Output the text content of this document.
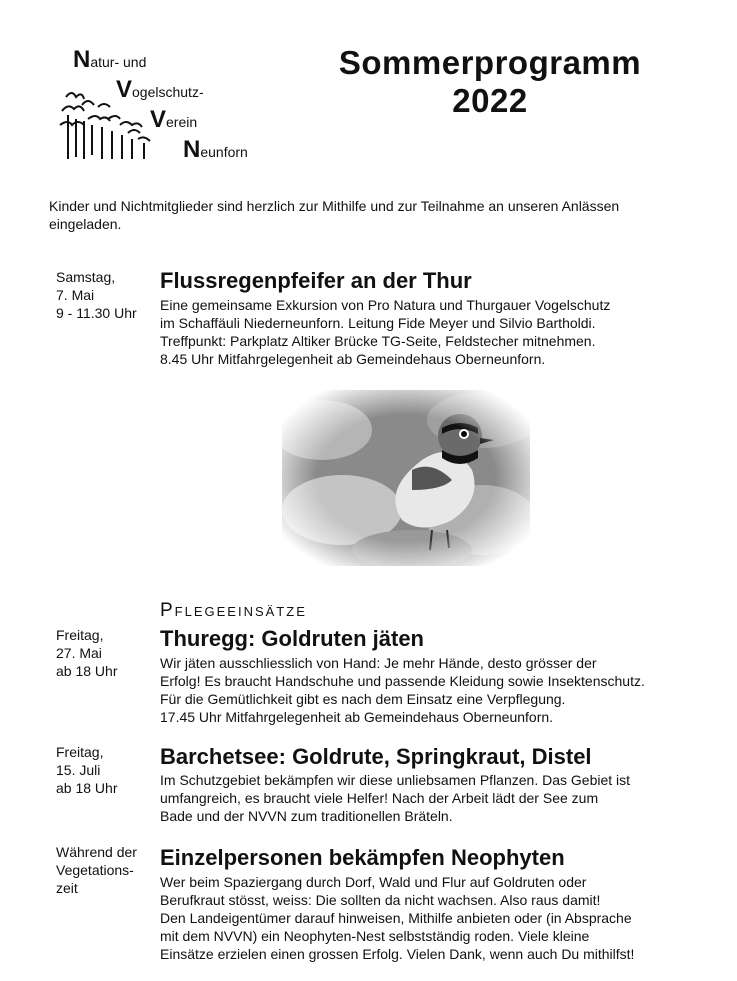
Natur- und
Vogelschutz-
Verein
Neunforn
Sommerprogramm
2022
Kinder und Nichtmitglieder sind herzlich zur Mithilfe und zur Teilnahme an unseren Anlässen
eingeladen.
Samstag,
7. Mai
9 - 11.30 Uhr
Flussregenpfeifer an der Thur
Eine gemeinsame Exkursion von Pro Natura und Thurgauer Vogelschutz
im Schaffäuli Niederneunforn. Leitung Fide Meyer und Silvio Bartholdi.
Treffpunkt: Parkplatz Altiker Brücke TG-Seite, Feldstecher mitnehmen.
8.45 Uhr Mitfahrgelegenheit ab Gemeindehaus Oberneunforn.
Pflegeeinsätze
Freitag,
27. Mai
ab 18 Uhr
Thuregg: Goldruten jäten
Wir jäten ausschliesslich von Hand: Je mehr Hände, desto grösser der
Erfolg! Es braucht Handschuhe und passende Kleidung sowie Insektenschutz.
Für die Gemütlichkeit gibt es nach dem Einsatz eine Verpflegung.
17.45 Uhr Mitfahrgelegenheit ab Gemeindehaus Oberneunforn.
Freitag,
15. Juli
ab 18 Uhr
Barchetsee: Goldrute, Springkraut, Distel
Im Schutzgebiet bekämpfen wir diese unliebsamen Pflanzen. Das Gebiet ist
umfangreich, es braucht viele Helfer! Nach der Arbeit lädt der See zum
Bade und der NVVN zum traditionellen Bräteln.
Während der
Vegetations-
zeit
Einzelpersonen bekämpfen Neophyten
Wer beim Spaziergang durch Dorf, Wald und Flur auf Goldruten oder
Berufkraut stösst, weiss: Die sollten da nicht wachsen. Also raus damit!
Den Landeigentümer darauf hinweisen, Mithilfe anbieten oder (in Absprache
mit dem NVVN) ein Neophyten-Nest selbstständig roden. Viele kleine
Einsätze erzielen einen grossen Erfolg. Vielen Dank, wenn auch Du mithilfst!
